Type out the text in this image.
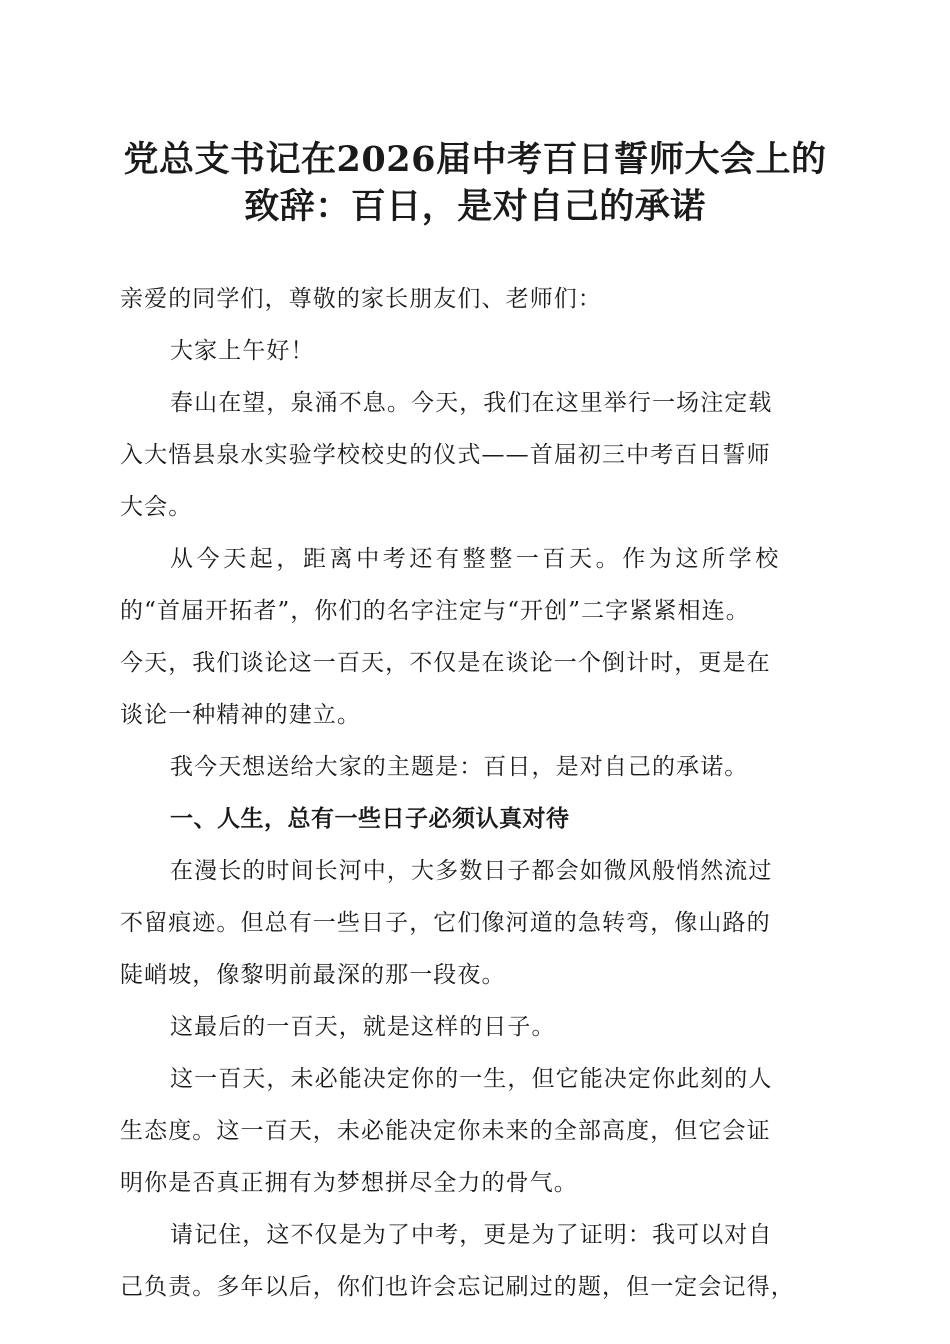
党总支书记在2026届中考百日誓师大会上的
致辞：百日，是对自己的承诺
亲爱的同学们，尊敬的家长朋友们、老师们：
大家上午好！
春山在望，泉涌不息。今天，我们在这里举行一场注定载
入大悟县泉水实验学校校史的仪式——首届初三中考百日誓师
大会。
从今天起，距离中考还有整整一百天。作为这所学校
的“首届开拓者”，你们的名字注定与“开创”二字紧紧相连。
今天，我们谈论这一百天，不仅是在谈论一个倒计时，更是在
谈论一种精神的建立。
我今天想送给大家的主题是：百日，是对自己的承诺。
一、人生，总有一些日子必须认真对待
在漫长的时间长河中，大多数日子都会如微风般悄然流过
不留痕迹。但总有一些日子，它们像河道的急转弯，像山路的
陡峭坡，像黎明前最深的那一段夜。
这最后的一百天，就是这样的日子。
这一百天，未必能决定你的一生，但它能决定你此刻的人
生态度。这一百天，未必能决定你未来的全部高度，但它会证
明你是否真正拥有为梦想拼尽全力的骨气。
请记住，这不仅是为了中考，更是为了证明：我可以对自
己负责。多年以后，你们也许会忘记刷过的题，但一定会记得，
